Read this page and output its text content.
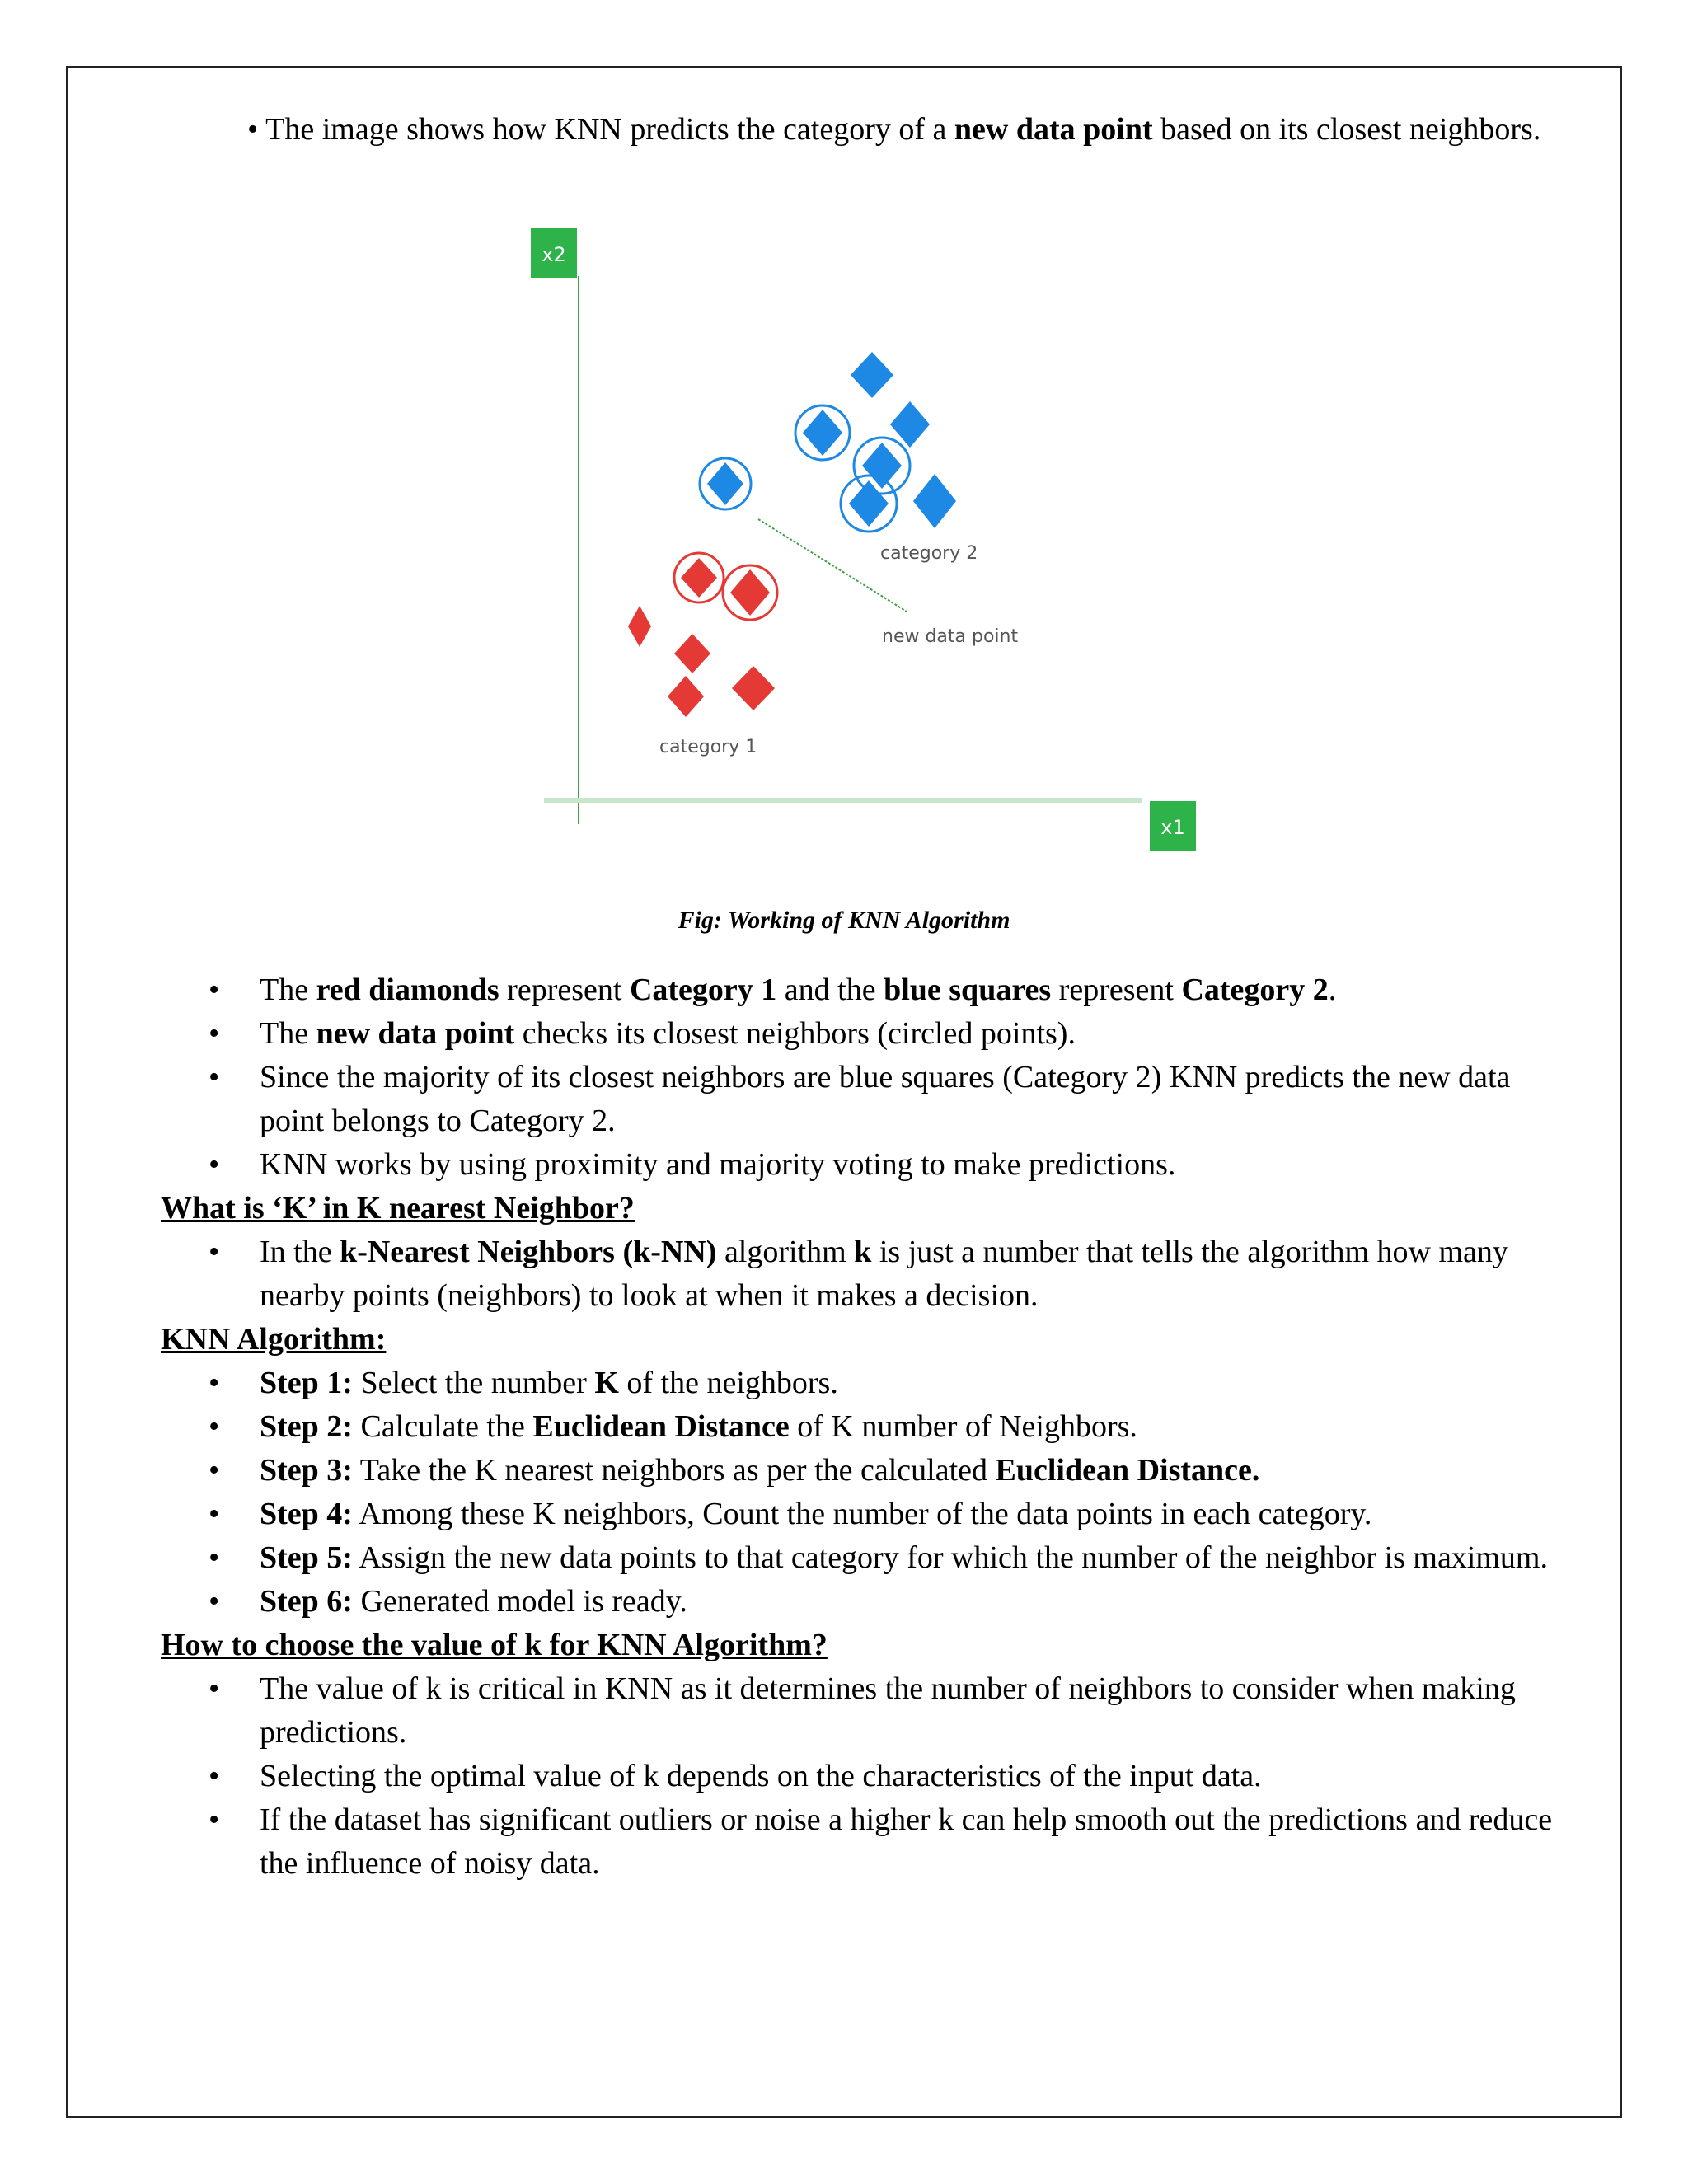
• The image shows how KNN predicts the category of a new data point based on its closest neighbors.

x2
x1
category 2
new data point
category 1
Fig: Working of KNN Algorithm
• The red diamonds represent Category 1 and the blue squares represent Category 2.
• The new data point checks its closest neighbors (circled points).
• Since the majority of its closest neighbors are blue squares (Category 2) KNN predicts the new data point belongs to Category 2.
• KNN works by using proximity and majority voting to make predictions.
What is ‘K’ in K nearest Neighbor?
• In the k-Nearest Neighbors (k-NN) algorithm k is just a number that tells the algorithm how many nearby points (neighbors) to look at when it makes a decision.
KNN Algorithm:
• Step 1: Select the number K of the neighbors.
• Step 2: Calculate the Euclidean Distance of K number of Neighbors.
• Step 3: Take the K nearest neighbors as per the calculated Euclidean Distance.
• Step 4: Among these K neighbors, Count the number of the data points in each category.
• Step 5: Assign the new data points to that category for which the number of the neighbor is maximum.
• Step 6: Generated model is ready.
How to choose the value of k for KNN Algorithm?
• The value of k is critical in KNN as it determines the number of neighbors to consider when making predictions.
• Selecting the optimal value of k depends on the characteristics of the input data.
• If the dataset has significant outliers or noise a higher k can help smooth out the predictions and reduce the influence of noisy data.
